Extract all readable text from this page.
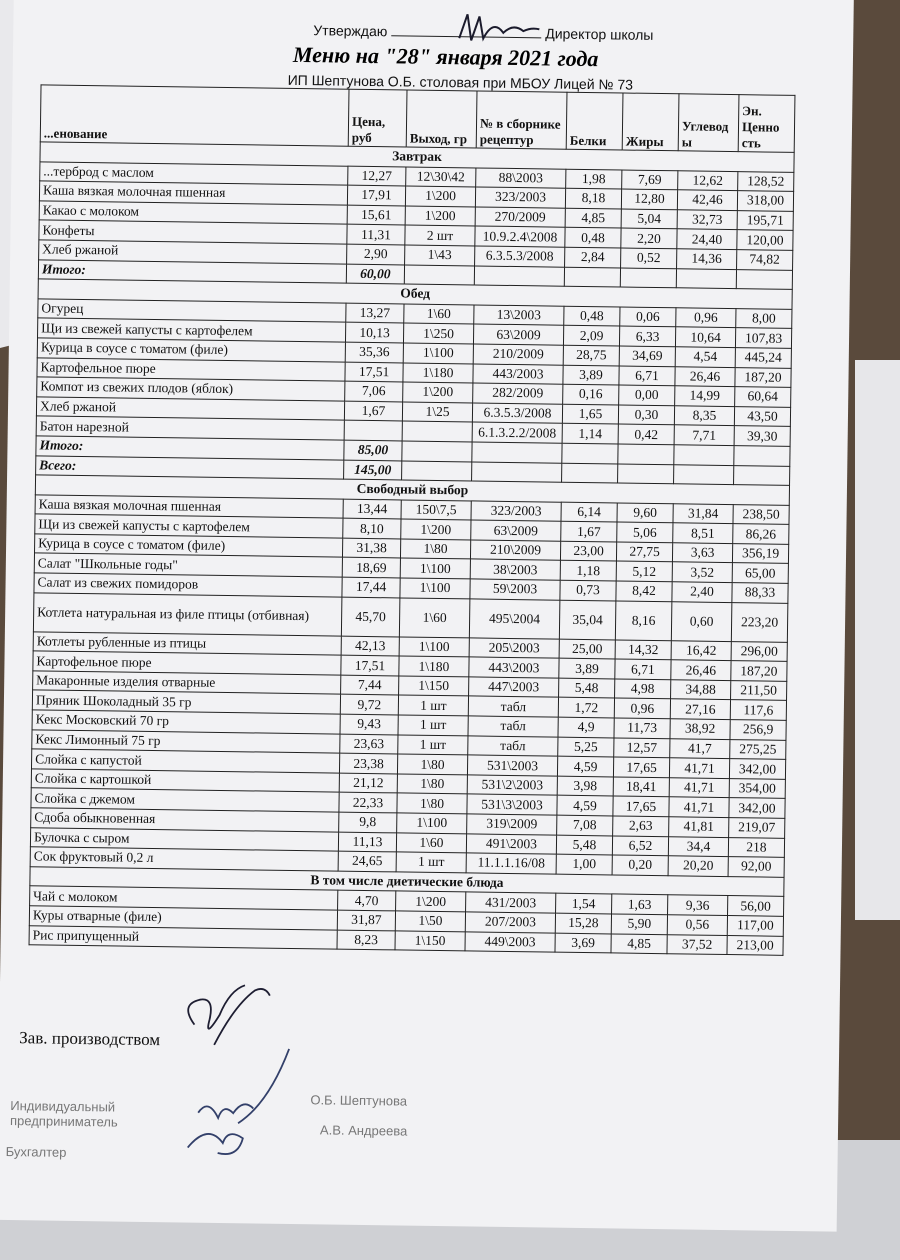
Утверждаю	Директор школы
Меню на "28" января 2021 года
ИП Шептунова О.Б. столовая при МБОУ Лицей № 73
...енование	Цена, руб	Выход, гр	№ в сборнике рецептур	Белки	Жиры	Углевод ы	Эн. Ценно сть
Завтрак							
...терброд с маслом	12,27	12\30\42	88\2003	1,98	7,69	12,62	128,52
Каша вязкая молочная пшенная	17,91	1\200	323/2003	8,18	12,80	42,46	318,00
Какао с молоком	15,61	1\200	270/2009	4,85	5,04	32,73	195,71
Конфеты	11,31	2 шт	10.9.2.4\2008	0,48	2,20	24,40	120,00
Хлеб ржаной	2,90	1\43	6.3.5.3/2008	2,84	0,52	14,36	74,82
Итого:	60,00						
Обед							
Огурец	13,27	1\60	13\2003	0,48	0,06	0,96	8,00
Щи из свежей капусты с картофелем	10,13	1\250	63\2009	2,09	6,33	10,64	107,83
Курица в соусе с томатом (филе)	35,36	1\100	210/2009	28,75	34,69	4,54	445,24
Картофельное пюре	17,51	1\180	443/2003	3,89	6,71	26,46	187,20
Компот из свежих плодов (яблок)	7,06	1\200	282/2009	0,16	0,00	14,99	60,64
Хлеб ржаной	1,67	1\25	6.3.5.3/2008	1,65	0,30	8,35	43,50
Батон нарезной			6.1.3.2.2/2008	1,14	0,42	7,71	39,30
Итого:	85,00						
Всего:	145,00						
Свободный выбор							
Каша вязкая молочная пшенная	13,44	150\7,5	323/2003	6,14	9,60	31,84	238,50
Щи из свежей капусты с картофелем	8,10	1\200	63\2009	1,67	5,06	8,51	86,26
Курица в соусе с томатом (филе)	31,38	1\80	210\2009	23,00	27,75	3,63	356,19
Салат "Школьные годы"	18,69	1\100	38\2003	1,18	5,12	3,52	65,00
Салат из свежих помидоров	17,44	1\100	59\2003	0,73	8,42	2,40	88,33
Котлета натуральная из филе птицы (отбивная)	45,70	1\60	495\2004	35,04	8,16	0,60	223,20
Котлеты рубленные из птицы	42,13	1\100	205\2003	25,00	14,32	16,42	296,00
Картофельное пюре	17,51	1\180	443\2003	3,89	6,71	26,46	187,20
Макаронные изделия отварные	7,44	1\150	447\2003	5,48	4,98	34,88	211,50
Пряник Шоколадный 35 гр	9,72	1 шт	табл	1,72	0,96	27,16	117,6
Кекс Московский 70 гр	9,43	1 шт	табл	4,9	11,73	38,92	256,9
Кекс Лимонный 75 гр	23,63	1 шт	табл	5,25	12,57	41,7	275,25
Слойка с капустой	23,38	1\80	531\2003	4,59	17,65	41,71	342,00
Слойка с картошкой	21,12	1\80	531\2\2003	3,98	18,41	41,71	354,00
Слойка с джемом	22,33	1\80	531\3\2003	4,59	17,65	41,71	342,00
Сдоба обыкновенная	9,8	1\100	319\2009	7,08	2,63	41,81	219,07
Булочка с сыром	11,13	1\60	491\2003	5,48	6,52	34,4	218
Сок фруктовый 0,2 л	24,65	1 шт	11.1.1.16/08	1,00	0,20	20,20	92,00
В том числе диетические блюда							
Чай с молоком	4,70	1\200	431/2003	1,54	1,63	9,36	56,00
Куры отварные (филе)	31,87	1\50	207/2003	15,28	5,90	0,56	117,00
Рис припущенный	8,23	1\150	449\2003	3,69	4,85	37,52	213,00
Зав. производством
Индивидуальный предприниматель
Бухгалтер
О.Б. Шептунова
А.В. Андреева
